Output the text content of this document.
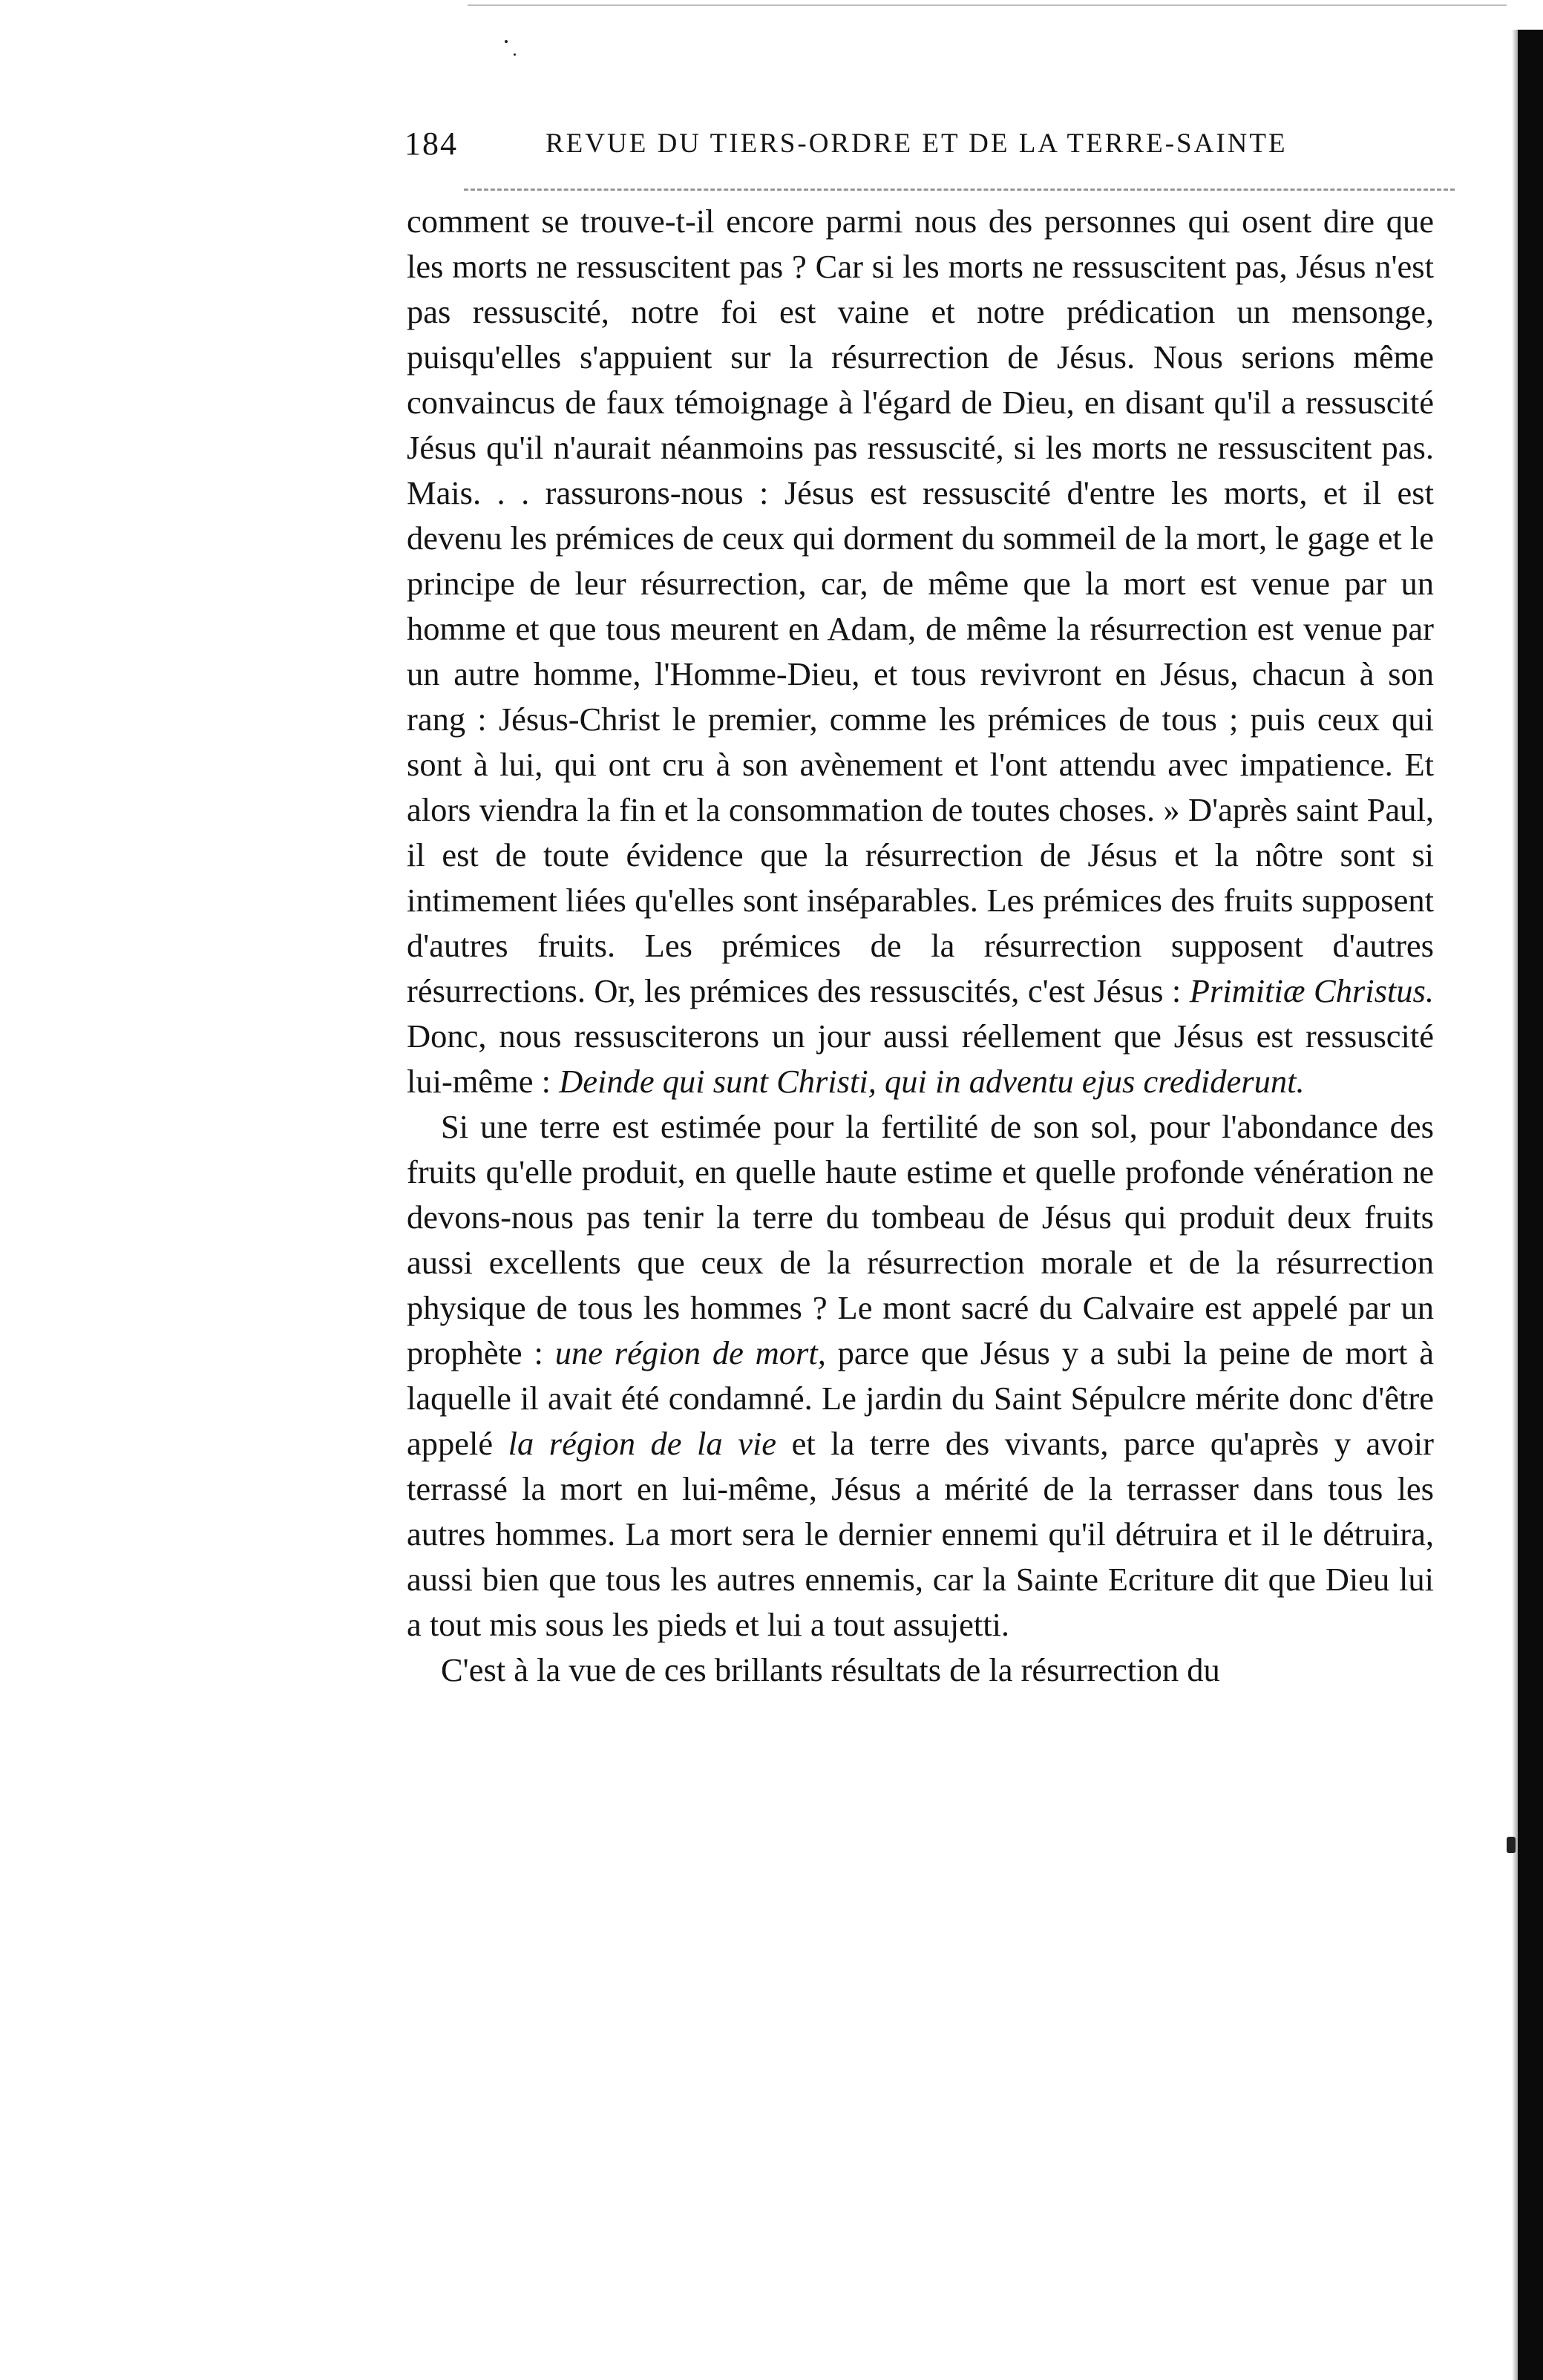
184	REVUE DU TIERS-ORDRE ET DE LA TERRE-SAINTE

comment se trouve-t-il encore parmi nous des personnes qui osent dire que les morts ne ressuscitent pas ? Car si les morts ne ressuscitent pas, Jésus n'est pas ressuscité, notre foi est vaine et notre prédication un mensonge, puisqu'elles s'appuient sur la résurrection de Jésus. Nous serions même convaincus de faux témoignage à l'égard de Dieu, en disant qu'il a ressuscité Jésus qu'il n'aurait néanmoins pas ressuscité, si les morts ne ressuscitent pas. Mais. . . rassurons-nous : Jésus est ressuscité d'entre les morts, et il est devenu les prémices de ceux qui dorment du sommeil de la mort, le gage et le principe de leur résurrection, car, de même que la mort est venue par un homme et que tous meurent en Adam, de même la résurrection est venue par un autre homme, l'Homme-Dieu, et tous revivront en Jésus, chacun à son rang : Jésus-Christ le premier, comme les prémices de tous ; puis ceux qui sont à lui, qui ont cru à son avènement et l'ont attendu avec impatience. Et alors viendra la fin et la consommation de toutes choses. » D'après saint Paul, il est de toute évidence que la résurrection de Jésus et la nôtre sont si intimement liées qu'elles sont inséparables. Les prémices des fruits supposent d'autres fruits. Les prémices de la résurrection supposent d'autres résurrections. Or, les prémices des ressuscités, c'est Jésus : Primitiæ Christus. Donc, nous ressusciterons un jour aussi réellement que Jésus est ressuscité lui-même : Deinde qui sunt Christi, qui in adventu ejus crediderunt.

Si une terre est estimée pour la fertilité de son sol, pour l'abondance des fruits qu'elle produit, en quelle haute estime et quelle profonde vénération ne devons-nous pas tenir la terre du tombeau de Jésus qui produit deux fruits aussi excellents que ceux de la résurrection morale et de la résurrection physique de tous les hommes ? Le mont sacré du Calvaire est appelé par un prophète : une région de mort, parce que Jésus y a subi la peine de mort à laquelle il avait été condamné. Le jardin du Saint Sépulcre mérite donc d'être appelé la région de la vie et la terre des vivants, parce qu'après y avoir terrassé la mort en lui-même, Jésus a mérité de la terrasser dans tous les autres hommes. La mort sera le dernier ennemi qu'il détruira et il le détruira, aussi bien que tous les autres ennemis, car la Sainte Ecriture dit que Dieu lui a tout mis sous les pieds et lui a tout assujetti.

C'est à la vue de ces brillants résultats de la résurrection du
